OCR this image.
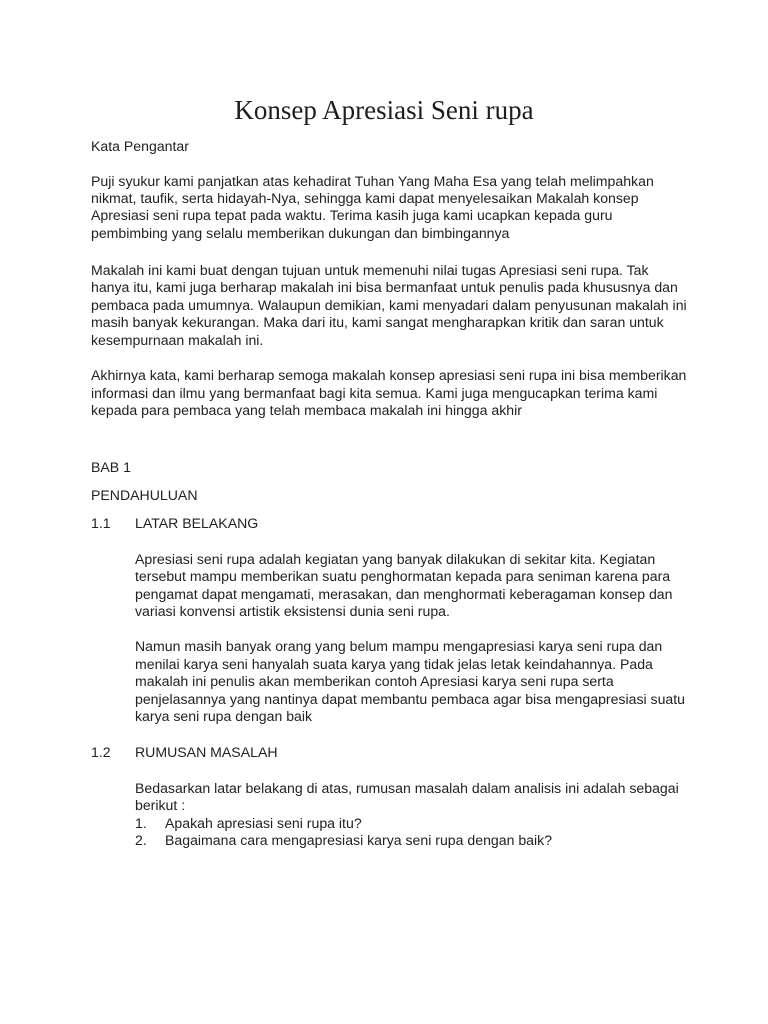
Konsep Apresiasi Seni rupa
Kata Pengantar
Puji syukur kami panjatkan atas kehadirat Tuhan Yang Maha Esa yang telah melimpahkan
nikmat, taufik, serta hidayah-Nya, sehingga kami dapat menyelesaikan Makalah konsep
Apresiasi seni rupa tepat pada waktu. Terima kasih juga kami ucapkan kepada guru
pembimbing yang selalu memberikan dukungan dan bimbingannya
Makalah ini kami buat dengan tujuan untuk memenuhi nilai tugas Apresiasi seni rupa. Tak
hanya itu, kami juga berharap makalah ini bisa bermanfaat untuk penulis pada khususnya dan
pembaca pada umumnya. Walaupun demikian, kami menyadari dalam penyusunan makalah ini
masih banyak kekurangan. Maka dari itu, kami sangat mengharapkan kritik dan saran untuk
kesempurnaan makalah ini.
Akhirnya kata, kami berharap semoga makalah konsep apresiasi seni rupa ini bisa memberikan
informasi dan ilmu yang bermanfaat bagi kita semua. Kami juga mengucapkan terima kami
kepada para pembaca yang telah membaca makalah ini hingga akhir
BAB 1
PENDAHULUAN
1.1 LATAR BELAKANG
Apresiasi seni rupa adalah kegiatan yang banyak dilakukan di sekitar kita. Kegiatan
tersebut mampu memberikan suatu penghormatan kepada para seniman karena para
pengamat dapat mengamati, merasakan, dan menghormati keberagaman konsep dan
variasi konvensi artistik eksistensi dunia seni rupa.
Namun masih banyak orang yang belum mampu mengapresiasi karya seni rupa dan
menilai karya seni hanyalah suata karya yang tidak jelas letak keindahannya. Pada
makalah ini penulis akan memberikan contoh Apresiasi karya seni rupa serta
penjelasannya yang nantinya dapat membantu pembaca agar bisa mengapresiasi suatu
karya seni rupa dengan baik
1.2 RUMUSAN MASALAH
Bedasarkan latar belakang di atas, rumusan masalah dalam analisis ini adalah sebagai
berikut :
1. Apakah apresiasi seni rupa itu?
2. Bagaimana cara mengapresiasi karya seni rupa dengan baik?
